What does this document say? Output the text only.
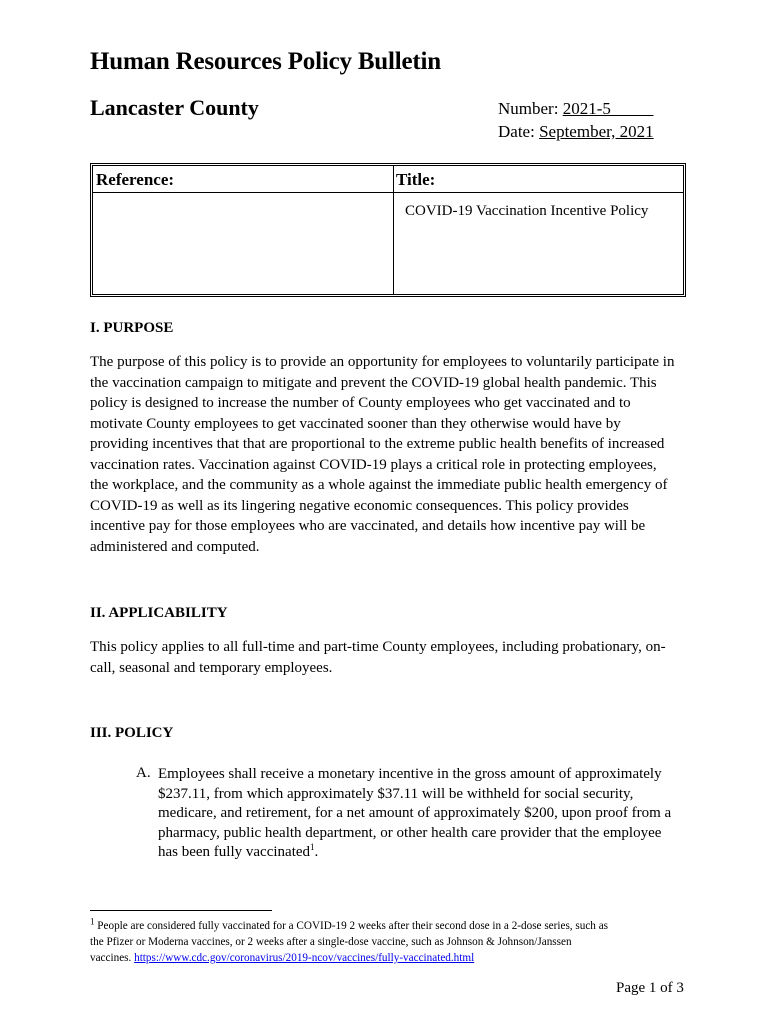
Human Resources Policy Bulletin
Lancaster County	Number: 2021-5_____
Date: September, 2021
Reference:	Title:
COVID-19 Vaccination Incentive Policy
I. PURPOSE
The purpose of this policy is to provide an opportunity for employees to voluntarily participate in
the vaccination campaign to mitigate and prevent the COVID-19 global health pandemic. This
policy is designed to increase the number of County employees who get vaccinated and to
motivate County employees to get vaccinated sooner than they otherwise would have by
providing incentives that that are proportional to the extreme public health benefits of increased
vaccination rates. Vaccination against COVID-19 plays a critical role in protecting employees,
the workplace, and the community as a whole against the immediate public health emergency of
COVID-19 as well as its lingering negative economic consequences. This policy provides
incentive pay for those employees who are vaccinated, and details how incentive pay will be
administered and computed.
II. APPLICABILITY
This policy applies to all full-time and part-time County employees, including probationary, on-
call, seasonal and temporary employees.
III. POLICY
A. Employees shall receive a monetary incentive in the gross amount of approximately
$237.11, from which approximately $37.11 will be withheld for social security,
medicare, and retirement, for a net amount of approximately $200, upon proof from a
pharmacy, public health department, or other health care provider that the employee
has been fully vaccinated$^1$.
$^1$ People are considered fully vaccinated for a COVID-19 2 weeks after their second dose in a 2-dose series, such as
the Pfizer or Moderna vaccines, or 2 weeks after a single-dose vaccine, such as Johnson & Johnson/Janssen
vaccines. https://www.cdc.gov/coronavirus/2019-ncov/vaccines/fully-vaccinated.html
Page 1 of 3
